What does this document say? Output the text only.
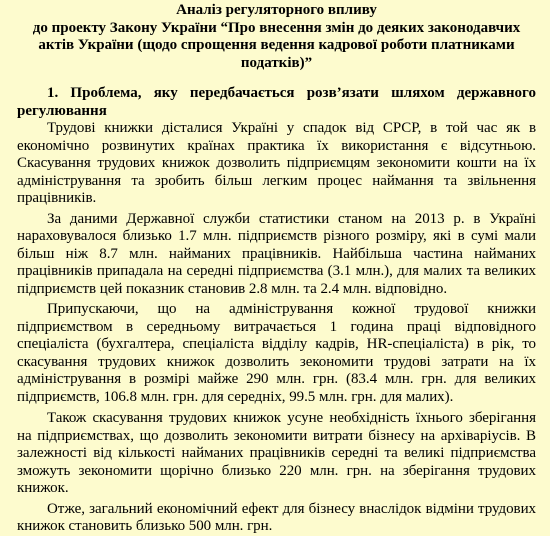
Аналіз регуляторного впливу
до проекту Закону України “Про внесення змін до деяких законодавчих
актів України (щодо спрощення ведення кадрової роботи платниками
податків)”
1. Проблема, яку передбачається розв’язати шляхом державного регулювання

Трудові книжки дісталися Україні у спадок від СРСР, в той час як в економічно розвинутих країнах практика їх використання є відсутньою. Скасування трудових книжок дозволить підприємцям зекономити кошти на їх адміністрування та зробить більш легким процес наймання та звільнення працівників.

За даними Державної служби статистики станом на 2013 р. в Україні нараховувалося близько 1.7 млн. підприємств різного розміру, які в сумі мали більш ніж 8.7 млн. найманих працівників. Найбільша частина найманих працівників припадала на середні підприємства (3.1 млн.), для малих та великих підприємств цей показник становив 2.8 млн. та 2.4 млн. відповідно.

Припускаючи, що на адміністрування кожної трудової книжки підприємством в середньому витрачається 1 година праці відповідного спеціаліста (бухгалтера, спеціаліста відділу кадрів, HR-спеціаліста) в рік, то скасування трудових книжок дозволить зекономити трудові затрати на їх адміністрування в розмірі майже 290 млн. грн. (83.4 млн. грн. для великих підприємств, 106.8 млн. грн. для середніх, 99.5 млн. грн. для малих).

Також скасування трудових книжок усуне необхідність їхнього зберігання на підприємствах, що дозволить зекономити витрати бізнесу на архіваріусів. В залежності від кількості найманих працівників середні та великі підприємства зможуть зекономити щорічно близько 220 млн. грн. на зберігання трудових книжок.

Отже, загальний економічний ефект для бізнесу внаслідок відміни трудових книжок становить близько 500 млн. грн.
